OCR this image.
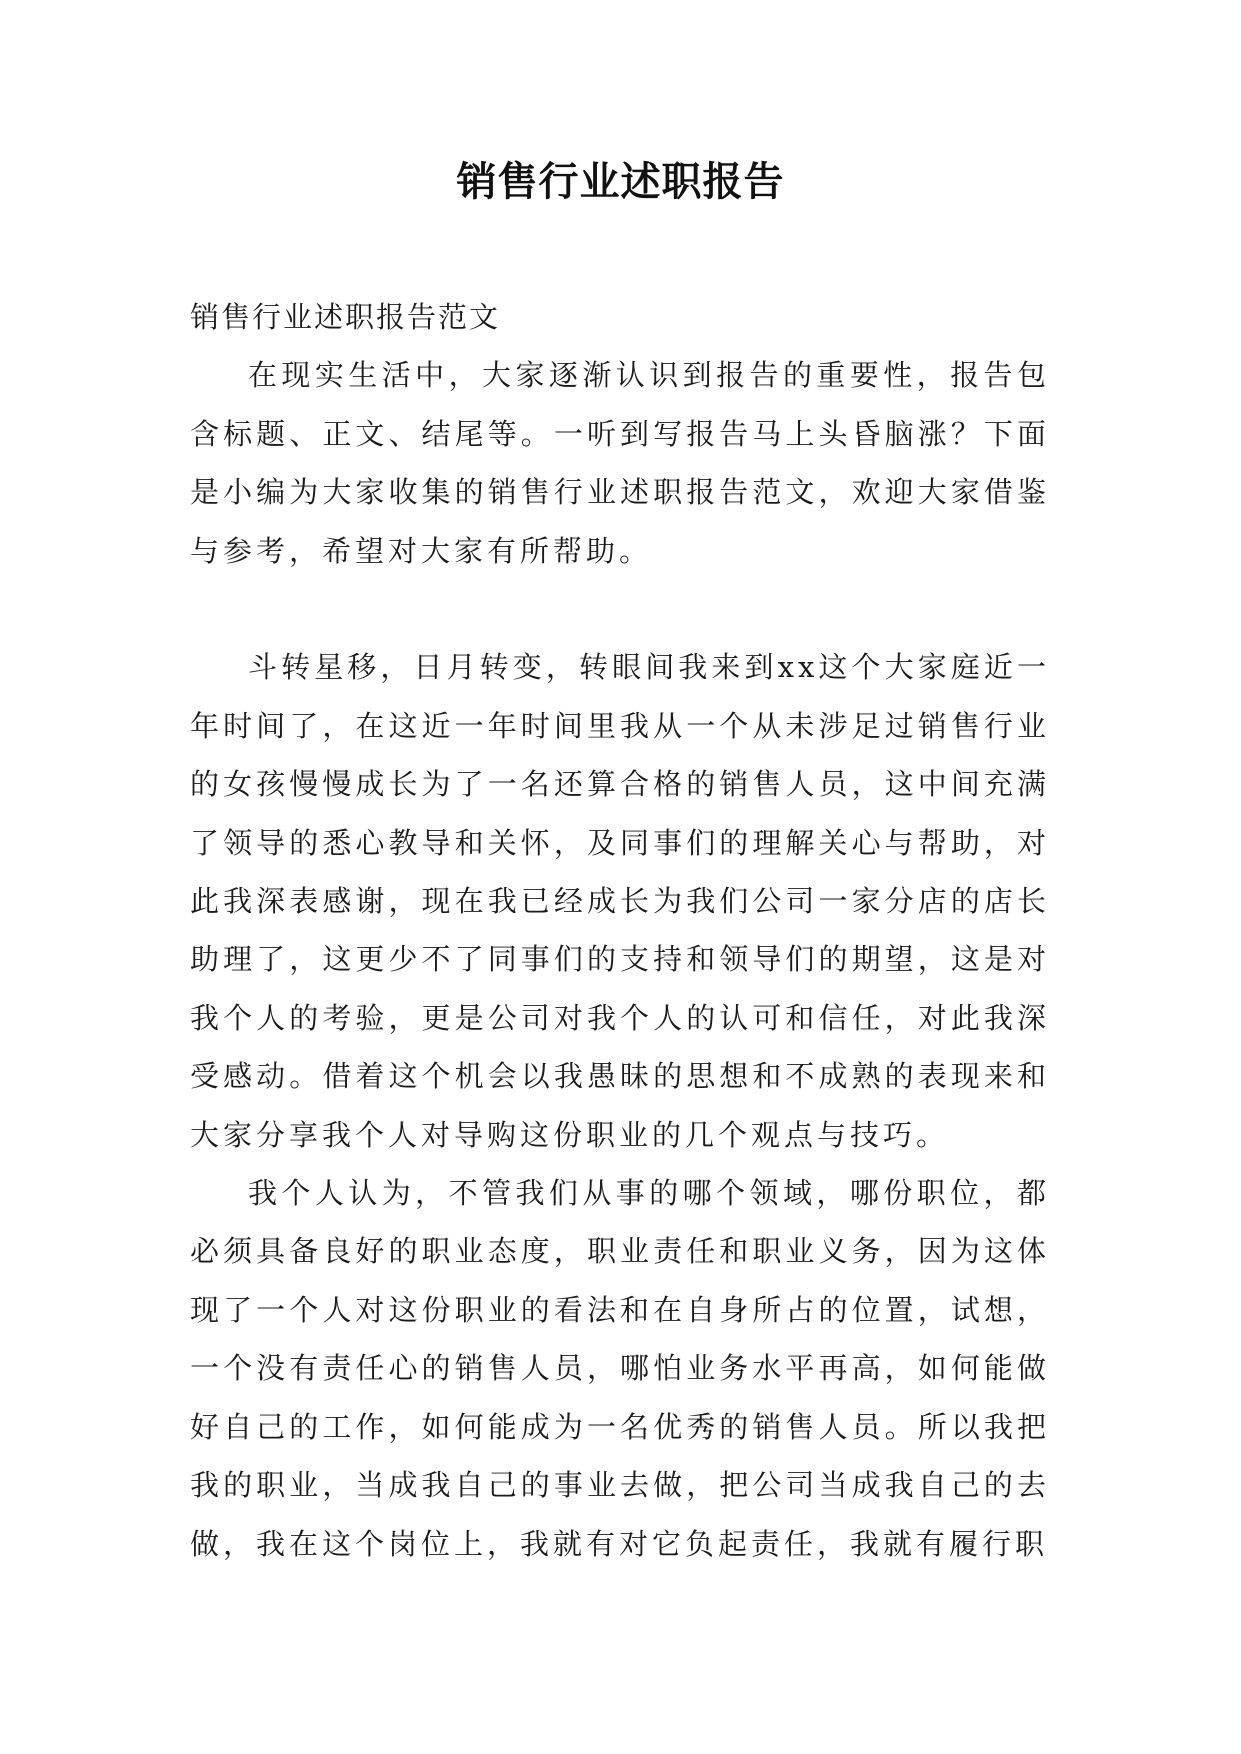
销售行业述职报告

销售行业述职报告范文

在现实生活中，大家逐渐认识到报告的重要性，报告包含标题、正文、结尾等。一听到写报告马上头昏脑涨？下面是小编为大家收集的销售行业述职报告范文，欢迎大家借鉴与参考，希望对大家有所帮助。

斗转星移，日月转变，转眼间我来到xx这个大家庭近一年时间了，在这近一年时间里我从一个从未涉足过销售行业的女孩慢慢成长为了一名还算合格的销售人员，这中间充满了领导的悉心教导和关怀，及同事们的理解关心与帮助，对此我深表感谢，现在我已经成长为我们公司一家分店的店长助理了，这更少不了同事们的支持和领导们的期望，这是对我个人的考验，更是公司对我个人的认可和信任，对此我深受感动。借着这个机会以我愚昧的思想和不成熟的表现来和大家分享我个人对导购这份职业的几个观点与技巧。

我个人认为，不管我们从事的哪个领域，哪份职位，都必须具备良好的职业态度，职业责任和职业义务，因为这体现了一个人对这份职业的看法和在自身所占的位置，试想，一个没有责任心的销售人员，哪怕业务水平再高，如何能做好自己的工作，如何能成为一名优秀的销售人员。所以我把我的职业，当成我自己的事业去做，把公司当成我自己的去做，我在这个岗位上，我就有对它负起责任，我就有履行职
